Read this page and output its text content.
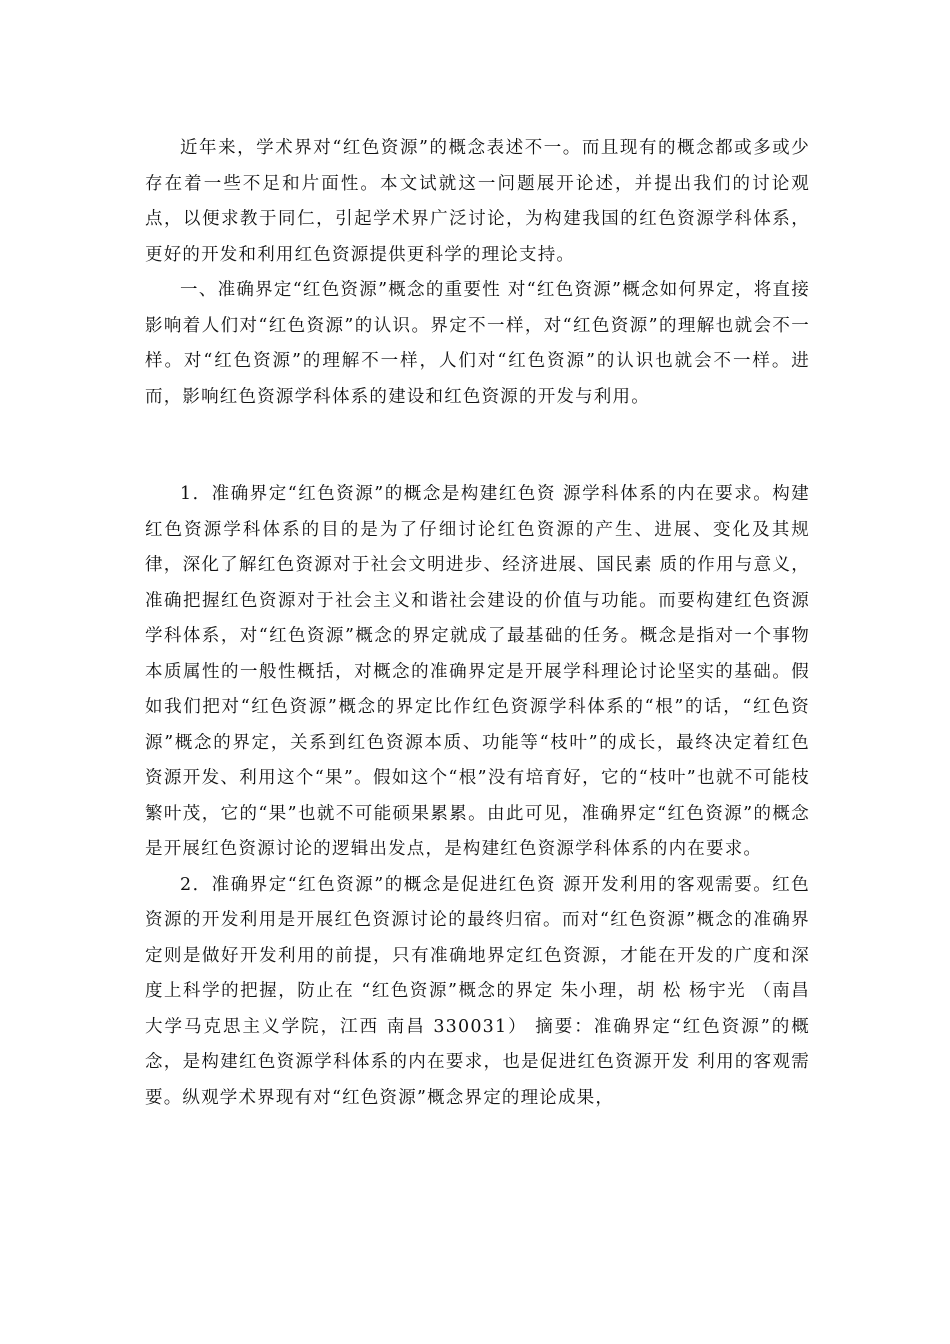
近年来，学术界对“红色资源”的概念表述不一。而且现有的概念都或多或少存在着一些不足和片面性。本文试就这一问题展开论述，并提出我们的讨论观点，以便求教于同仁，引起学术界广泛讨论，为构建我国的红色资源学科体系，更好的开发和利用红色资源提供更科学的理论支持。

一、准确界定“红色资源”概念的重要性 对“红色资源”概念如何界定，将直接影响着人们对“红色资源”的认识。界定不一样，对“红色资源”的理解也就会不一样。对“红色资源”的理解不一样，人们对“红色资源”的认识也就会不一样。进而，影响红色资源学科体系的建设和红色资源的开发与利用。

1．准确界定“红色资源”的概念是构建红色资 源学科体系的内在要求。构建红色资源学科体系的目的是为了仔细讨论红色资源的产生、进展、变化及其规律，深化了解红色资源对于社会文明进步、经济进展、国民素 质的作用与意义，准确把握红色资源对于社会主义和谐社会建设的价值与功能。而要构建红色资源学科体系，对“红色资源”概念的界定就成了最基础的任务。概念是指对一个事物本质属性的一般性概括，对概念的准确界定是开展学科理论讨论坚实的基础。假如我们把对“红色资源”概念的界定比作红色资源学科体系的“根”的话，“红色资源”概念的界定，关系到红色资源本质、功能等“枝叶”的成长，最终决定着红色资源开发、利用这个“果”。假如这个“根”没有培育好，它的“枝叶”也就不可能枝繁叶茂，它的“果”也就不可能硕果累累。由此可见，准确界定“红色资源”的概念是开展红色资源讨论的逻辑出发点，是构建红色资源学科体系的内在要求。

2．准确界定“红色资源”的概念是促进红色资 源开发利用的客观需要。红色资源的开发利用是开展红色资源讨论的最终归宿。而对“红色资源”概念的准确界定则是做好开发利用的前提，只有准确地界定红色资源，才能在开发的广度和深度上科学的把握，防止在 “红色资源”概念的界定 朱小理，胡 松 杨宇光 （南昌大学马克思主义学院，江西 南昌 330031） 摘要：准确界定“红色资源”的概念，是构建红色资源学科体系的内在要求，也是促进红色资源开发 利用的客观需要。纵观学术界现有对“红色资源”概念界定的理论成果，
